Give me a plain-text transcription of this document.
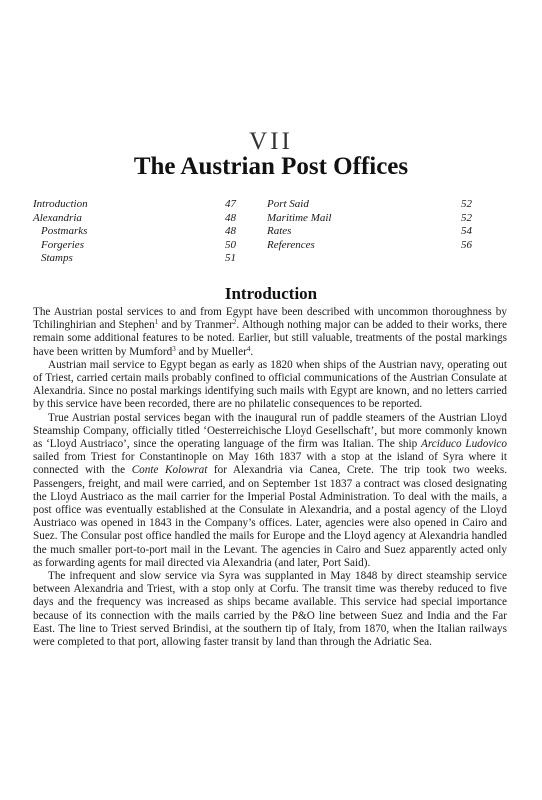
VII
The Austrian Post Offices
Introduction	47
Alexandria	48
Postmarks	48
Forgeries	50
Stamps	51
Port Said	52
Maritime Mail	52
Rates	54
References	56
Introduction

The Austrian postal services to and from Egypt have been described with uncommon thoroughness by Tchilinghirian and Stephen$^1$ and by Tranmer$^2$. Although nothing major can be added to their works, there remain some additional features to be noted. Earlier, but still valuable, treatments of the postal markings have been written by Mumford$^3$ and by Mueller$^4$.

Austrian mail service to Egypt began as early as 1820 when ships of the Austrian navy, operating out of Triest, carried certain mails probably confined to official communications of the Austrian Consulate at Alexandria. Since no postal markings identifying such mails with Egypt are known, and no letters carried by this service have been recorded, there are no philatelic consequences to be reported.

True Austrian postal services began with the inaugural run of paddle steamers of the Austrian Lloyd Steamship Company, officially titled ‘Oesterreichische Lloyd Gesellschaft’, but more commonly known as ‘Lloyd Austriaco’, since the operating language of the firm was Italian. The ship Arciduco Ludovico sailed from Triest for Constantinople on May 16th 1837 with a stop at the island of Syra where it connected with the Conte Kolowrat for Alexandria via Canea, Crete. The trip took two weeks. Passengers, freight, and mail were carried, and on September 1st 1837 a contract was closed designating the Lloyd Austriaco as the mail carrier for the Imperial Postal Administration. To deal with the mails, a post office was eventually established at the Consulate in Alexandria, and a postal agency of the Lloyd Austriaco was opened in 1843 in the Company’s offices. Later, agencies were also opened in Cairo and Suez. The Consular post office handled the mails for Europe and the Lloyd agency at Alexandria handled the much smaller port-to-port mail in the Levant. The agencies in Cairo and Suez apparently acted only as forwarding agents for mail directed via Alexandria (and later, Port Said).

The infrequent and slow service via Syra was supplanted in May 1848 by direct steamship service between Alexandria and Triest, with a stop only at Corfu. The transit time was thereby reduced to five days and the frequency was increased as ships became available. This service had special importance because of its connection with the mails carried by the P&O line between Suez and India and the Far East. The line to Triest served Brindisi, at the southern tip of Italy, from 1870, when the Italian railways were completed to that port, allowing faster transit by land than through the Adriatic Sea.
